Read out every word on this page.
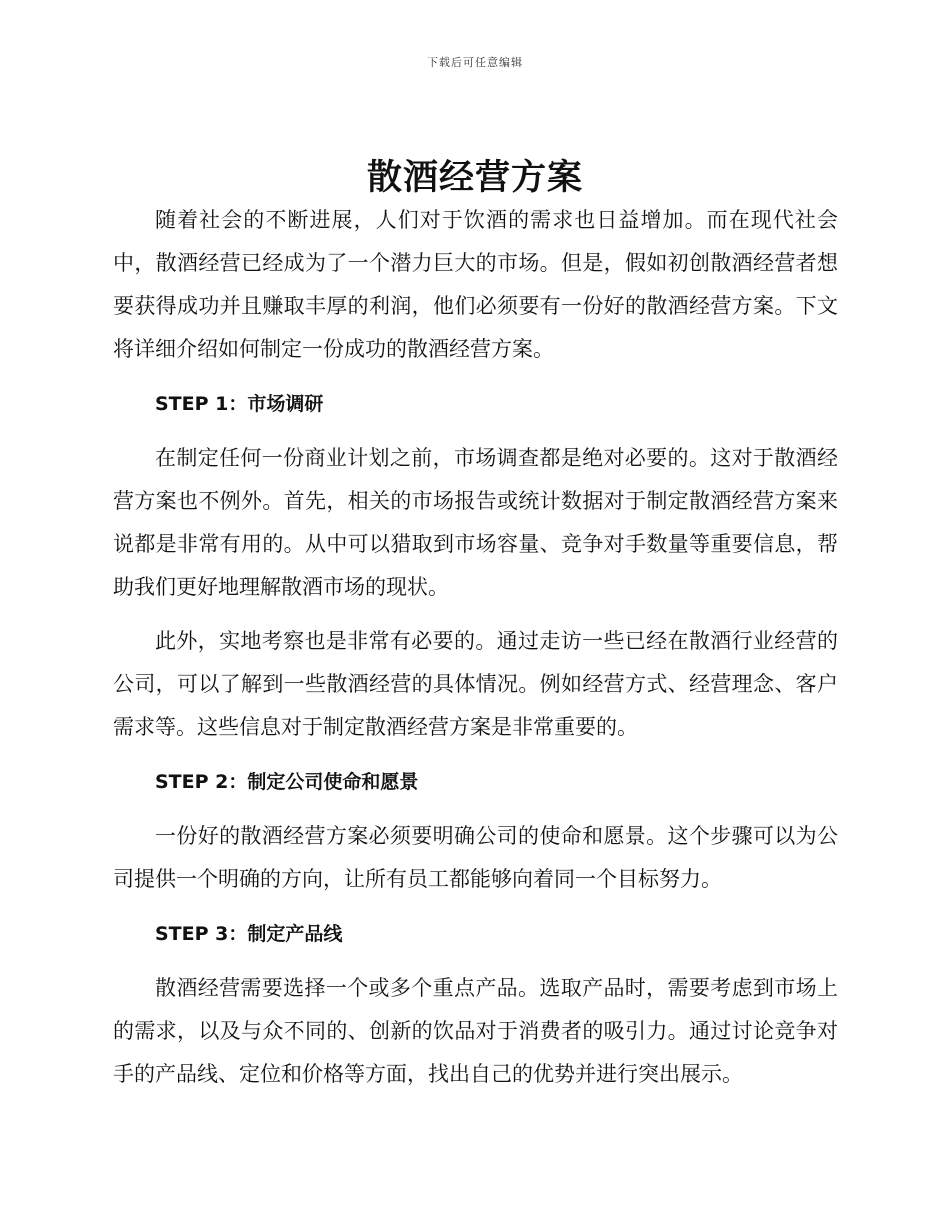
下载后可任意编辑
散酒经营方案

随着社会的不断进展，人们对于饮酒的需求也日益增加。而在现代社会中，散酒经营已经成为了一个潜力巨大的市场。但是，假如初创散酒经营者想要获得成功并且赚取丰厚的利润，他们必须要有一份好的散酒经营方案。下文将详细介绍如何制定一份成功的散酒经营方案。

STEP 1：市场调研

在制定任何一份商业计划之前，市场调查都是绝对必要的。这对于散酒经营方案也不例外。首先，相关的市场报告或统计数据对于制定散酒经营方案来说都是非常有用的。从中可以猎取到市场容量、竞争对手数量等重要信息，帮助我们更好地理解散酒市场的现状。

此外，实地考察也是非常有必要的。通过走访一些已经在散酒行业经营的公司，可以了解到一些散酒经营的具体情况。例如经营方式、经营理念、客户需求等。这些信息对于制定散酒经营方案是非常重要的。

STEP 2：制定公司使命和愿景

一份好的散酒经营方案必须要明确公司的使命和愿景。这个步骤可以为公司提供一个明确的方向，让所有员工都能够向着同一个目标努力。

STEP 3：制定产品线

散酒经营需要选择一个或多个重点产品。选取产品时，需要考虑到市场上的需求，以及与众不同的、创新的饮品对于消费者的吸引力。通过讨论竞争对手的产品线、定位和价格等方面，找出自己的优势并进行突出展示。
